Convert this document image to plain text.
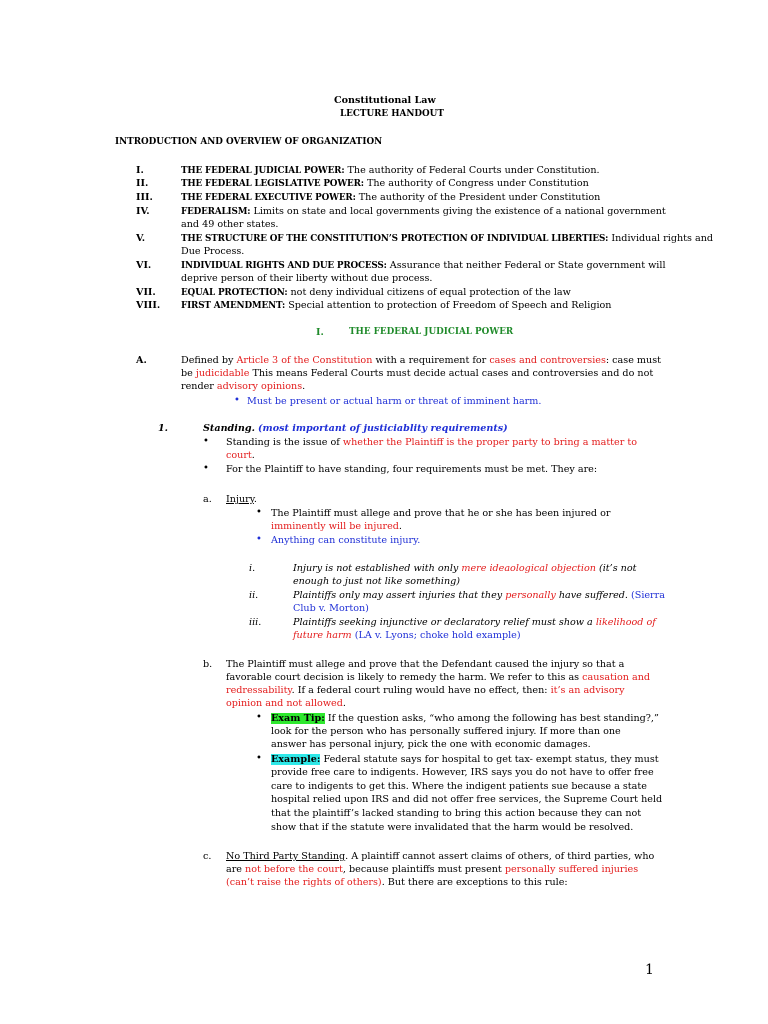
Constitutional Law
LECTURE HANDOUT
INTRODUCTION AND OVERVIEW OF ORGANIZATION
I.	THE FEDERAL JUDICIAL POWER: The authority of Federal Courts under Constitution.
II.	THE FEDERAL LEGISLATIVE POWER: The authority of Congress under Constitution
III.	THE FEDERAL EXECUTIVE POWER: The authority of the President under Constitution
IV.	FEDERALISM: Limits on state and local governments giving the existence of a national government
and 49 other states.
V.	THE STRUCTURE OF THE CONSTITUTION’S PROTECTION OF INDIVIDUAL LIBERTIES: Individual rights and
Due Process.
VI.	INDIVIDUAL RIGHTS AND DUE PROCESS: Assurance that neither Federal or State government will
deprive person of their liberty without due process.
VII.	EQUAL PROTECTION: not deny individual citizens of equal protection of the law
VIII. FIRST AMENDMENT: Special attention to protection of Freedom of Speech and Religion
I.	THE FEDERAL JUDICIAL POWER
A.	Defined by Article 3 of the Constitution with a requirement for cases and controversies: case must
be judicidable This means Federal Courts must decide actual cases and controversies and do not
render advisory opinions.
• Must be present or actual harm or threat of imminent harm.
1.	Standing. (most important of justiciablity requirements)
• Standing is the issue of whether the Plaintiff is the proper party to bring a matter to
court.
• For the Plaintiff to have standing, four requirements must be met. They are:
a. Injury.
• The Plaintiff must allege and prove that he or she has been injured or
imminently will be injured.
• Anything can constitute injury.
i.	Injury is not established with only mere ideaological objection (it’s not
enough to just not like something)
ii.	Plaintiffs only may assert injuries that they personally have suffered. (Sierra
Club v. Morton)
iii.	Plaintiffs seeking injunctive or declaratory relief must show a likelihood of
future harm (LA v. Lyons; choke hold example)
b. The Plaintiff must allege and prove that the Defendant caused the injury so that a
favorable court decision is likely to remedy the harm. We refer to this as causation and
redressability. If a federal court ruling would have no effect, then: it’s an advisory
opinion and not allowed.
• Exam Tip: If the question asks, “who among the following has best standing?,”
look for the person who has personally suffered injury. If more than one
answer has personal injury, pick the one with economic damages.
• Example: Federal statute says for hospital to get tax- exempt status, they must
provide free care to indigents. However, IRS says you do not have to offer free
care to indigents to get this. Where the indigent patients sue because a state
hospital relied upon IRS and did not offer free services, the Supreme Court held
that the plaintiff’s lacked standing to bring this action because they can not
show that if the statute were invalidated that the harm would be resolved.
c. No Third Party Standing. A plaintiff cannot assert claims of others, of third parties, who
are not before the court, because plaintiffs must present personally suffered injuries
(can’t raise the rights of others). But there are exceptions to this rule:
1
